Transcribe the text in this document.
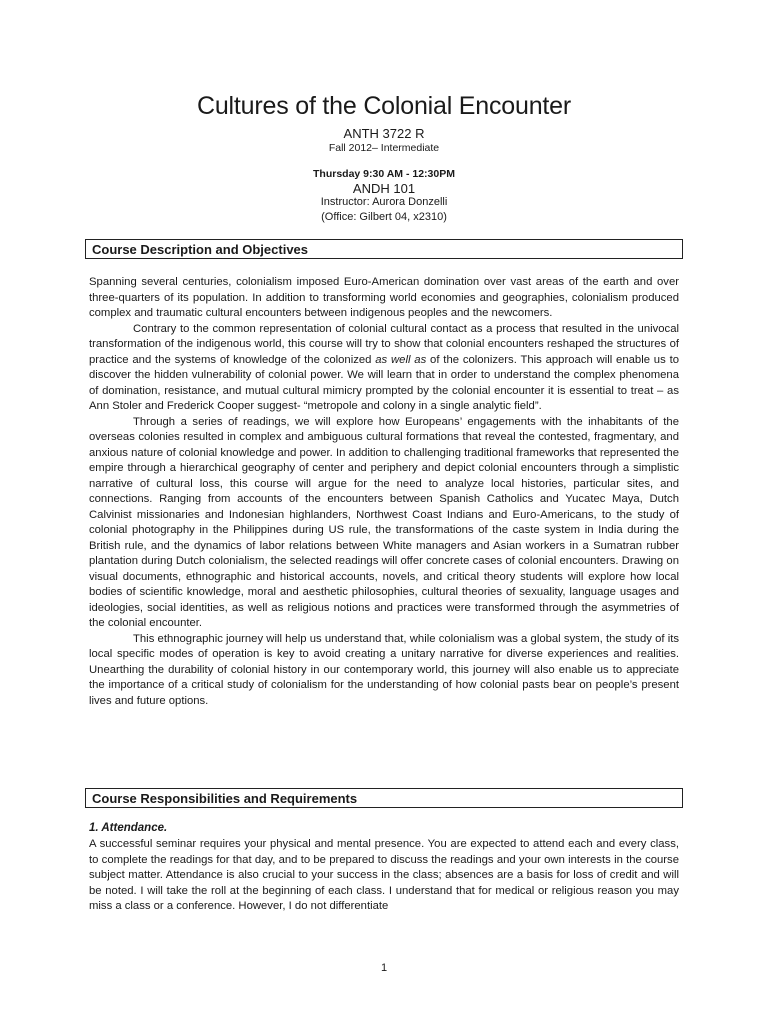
Cultures of the Colonial Encounter
ANTH 3722 R
Fall 2012– Intermediate
Thursday 9:30 AM - 12:30PM
ANDH 101
Instructor: Aurora Donzelli
(Office: Gilbert 04, x2310)
Course Description and Objectives

Spanning several centuries, colonialism imposed Euro-American domination over vast areas of the earth and over three-quarters of its population. In addition to transforming world economies and geographies, colonialism produced complex and traumatic cultural encounters between indigenous peoples and the newcomers.

Contrary to the common representation of colonial cultural contact as a process that resulted in the univocal transformation of the indigenous world, this course will try to show that colonial encounters reshaped the structures of practice and the systems of knowledge of the colonized as well as of the colonizers. This approach will enable us to discover the hidden vulnerability of colonial power. We will learn that in order to understand the complex phenomena of domination, resistance, and mutual cultural mimicry prompted by the colonial encounter it is essential to treat – as Ann Stoler and Frederick Cooper suggest- “metropole and colony in a single analytic field”.

Through a series of readings, we will explore how Europeans’ engagements with the inhabitants of the overseas colonies resulted in complex and ambiguous cultural formations that reveal the contested, fragmentary, and anxious nature of colonial knowledge and power. In addition to challenging traditional frameworks that represented the empire through a hierarchical geography of center and periphery and depict colonial encounters through a simplistic narrative of cultural loss, this course will argue for the need to analyze local histories, particular sites, and connections. Ranging from accounts of the encounters between Spanish Catholics and Yucatec Maya, Dutch Calvinist missionaries and Indonesian highlanders, Northwest Coast Indians and Euro-Americans, to the study of colonial photography in the Philippines during US rule, the transformations of the caste system in India during the British rule, and the dynamics of labor relations between White managers and Asian workers in a Sumatran rubber plantation during Dutch colonialism, the selected readings will offer concrete cases of colonial encounters. Drawing on visual documents, ethnographic and historical accounts, novels, and critical theory students will explore how local bodies of scientific knowledge, moral and aesthetic philosophies, cultural theories of sexuality, language usages and ideologies, social identities, as well as religious notions and practices were transformed through the asymmetries of the colonial encounter.

This ethnographic journey will help us understand that, while colonialism was a global system, the study of its local specific modes of operation is key to avoid creating a unitary narrative for diverse experiences and realities. Unearthing the durability of colonial history in our contemporary world, this journey will also enable us to appreciate the importance of a critical study of colonialism for the understanding of how colonial pasts bear on people’s present lives and future options.

Course Responsibilities and Requirements
1. Attendance.

A successful seminar requires your physical and mental presence. You are expected to attend each and every class, to complete the readings for that day, and to be prepared to discuss the readings and your own interests in the course subject matter. Attendance is also crucial to your success in the class; absences are a basis for loss of credit and will be noted. I will take the roll at the beginning of each class. I understand that for medical or religious reason you may miss a class or a conference. However, I do not differentiate

1
